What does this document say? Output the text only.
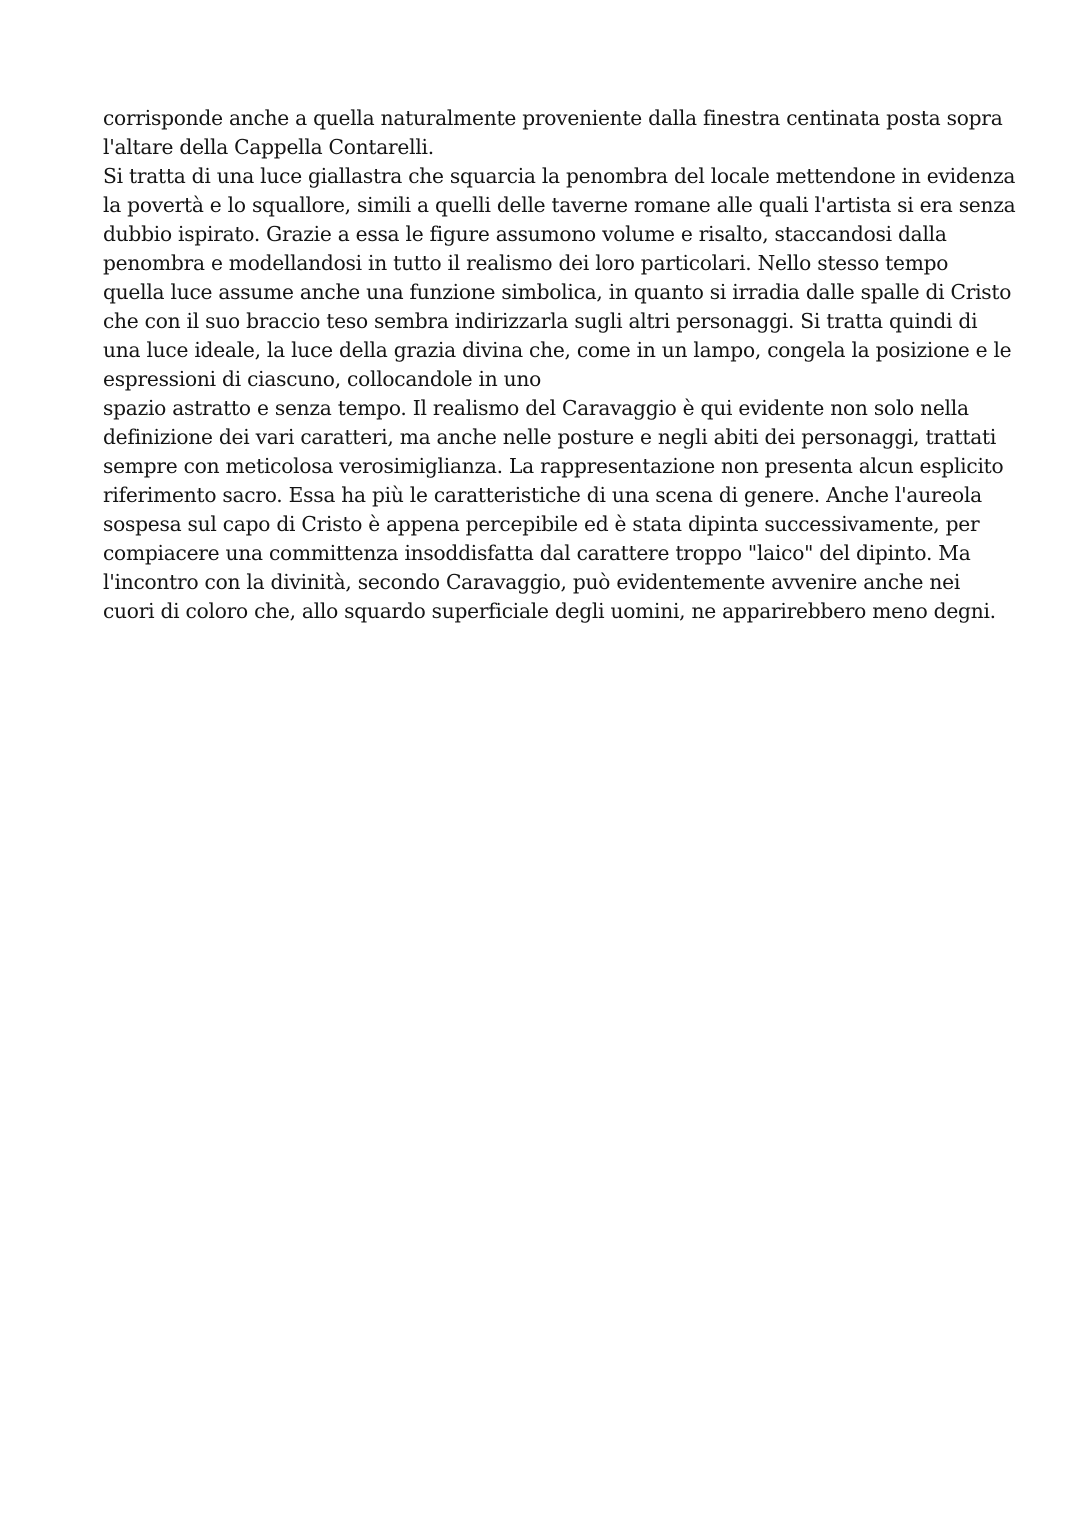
corrisponde anche a quella naturalmente proveniente dalla finestra centinata posta sopra
l'altare della Cappella Contarelli.
Si tratta di una luce giallastra che squarcia la penombra del locale mettendone in evidenza
la povertà e lo squallore, simili a quelli delle taverne romane alle quali l'artista si era senza
dubbio ispirato. Grazie a essa le figure assumono volume e risalto, staccandosi dalla
penombra e modellandosi in tutto il realismo dei loro particolari. Nello stesso tempo
quella luce assume anche una funzione simbolica, in quanto si irradia dalle spalle di Cristo
che con il suo braccio teso sembra indirizzarla sugli altri personaggi. Si tratta quindi di
una luce ideale, la luce della grazia divina che, come in un lampo, congela la posizione e le
espressioni di ciascuno, collocandole in uno
spazio astratto e senza tempo. Il realismo del Caravaggio è qui evidente non solo nella
definizione dei vari caratteri, ma anche nelle posture e negli abiti dei personaggi, trattati
sempre con meticolosa verosimiglianza. La rappresentazione non presenta alcun esplicito
riferimento sacro. Essa ha più le caratteristiche di una scena di genere. Anche l'aureola
sospesa sul capo di Cristo è appena percepibile ed è stata dipinta successivamente, per
compiacere una committenza insoddisfatta dal carattere troppo "laico" del dipinto. Ma
l'incontro con la divinità, secondo Caravaggio, può evidentemente avvenire anche nei
cuori di coloro che, allo squardo superficiale degli uomini, ne apparirebbero meno degni.
